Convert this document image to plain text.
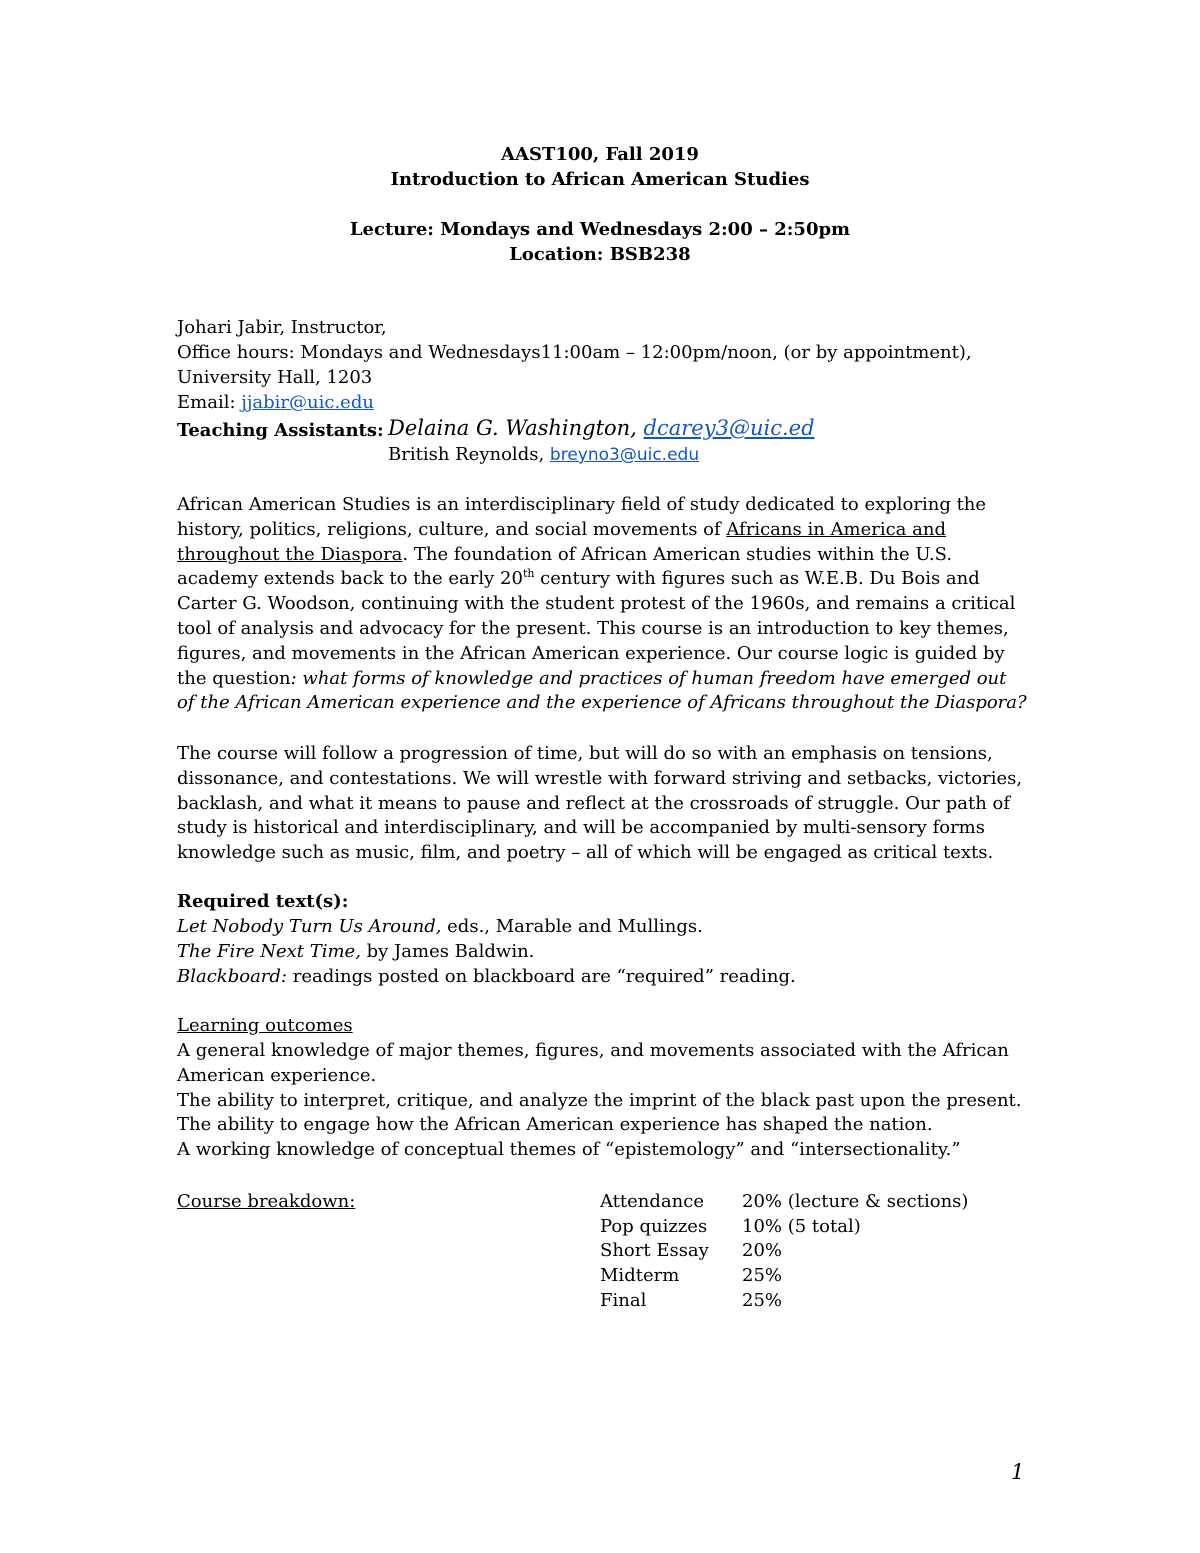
AAST100, Fall 2019
Introduction to African American Studies
Lecture: Mondays and Wednesdays 2:00 – 2:50pm
Location: BSB238
Johari Jabir, Instructor,
Office hours: Mondays and Wednesdays11:00am – 12:00pm/noon, (or by appointment),
University Hall, 1203
Email: jjabir@uic.edu
Teaching Assistants: Delaina G. Washington, dcarey3@uic.ed
British Reynolds, breyno3@uic.edu
African American Studies is an interdisciplinary field of study dedicated to exploring the history, politics, religions, culture, and social movements of Africans in America and throughout the Diaspora. The foundation of African American studies within the U.S. academy extends back to the early 20th century with figures such as W.E.B. Du Bois and Carter G. Woodson, continuing with the student protest of the 1960s, and remains a critical tool of analysis and advocacy for the present. This course is an introduction to key themes, figures, and movements in the African American experience. Our course logic is guided by the question: what forms of knowledge and practices of human freedom have emerged out of the African American experience and the experience of Africans throughout the Diaspora?
The course will follow a progression of time, but will do so with an emphasis on tensions, dissonance, and contestations. We will wrestle with forward striving and setbacks, victories, backlash, and what it means to pause and reflect at the crossroads of struggle. Our path of study is historical and interdisciplinary, and will be accompanied by multi-sensory forms knowledge such as music, film, and poetry – all of which will be engaged as critical texts.
Required text(s):
Let Nobody Turn Us Around, eds., Marable and Mullings.
The Fire Next Time, by James Baldwin.
Blackboard: readings posted on blackboard are “required” reading.
Learning outcomes
A general knowledge of major themes, figures, and movements associated with the African
American experience.
The ability to interpret, critique, and analyze the imprint of the black past upon the present.
The ability to engage how the African American experience has shaped the nation.
A working knowledge of conceptual themes of “epistemology” and “intersectionality.”
Course breakdown:	Attendance 20% (lecture & sections)
Pop quizzes 10% (5 total)
Short Essay 20%
Midterm	25%
Final	25%
1
